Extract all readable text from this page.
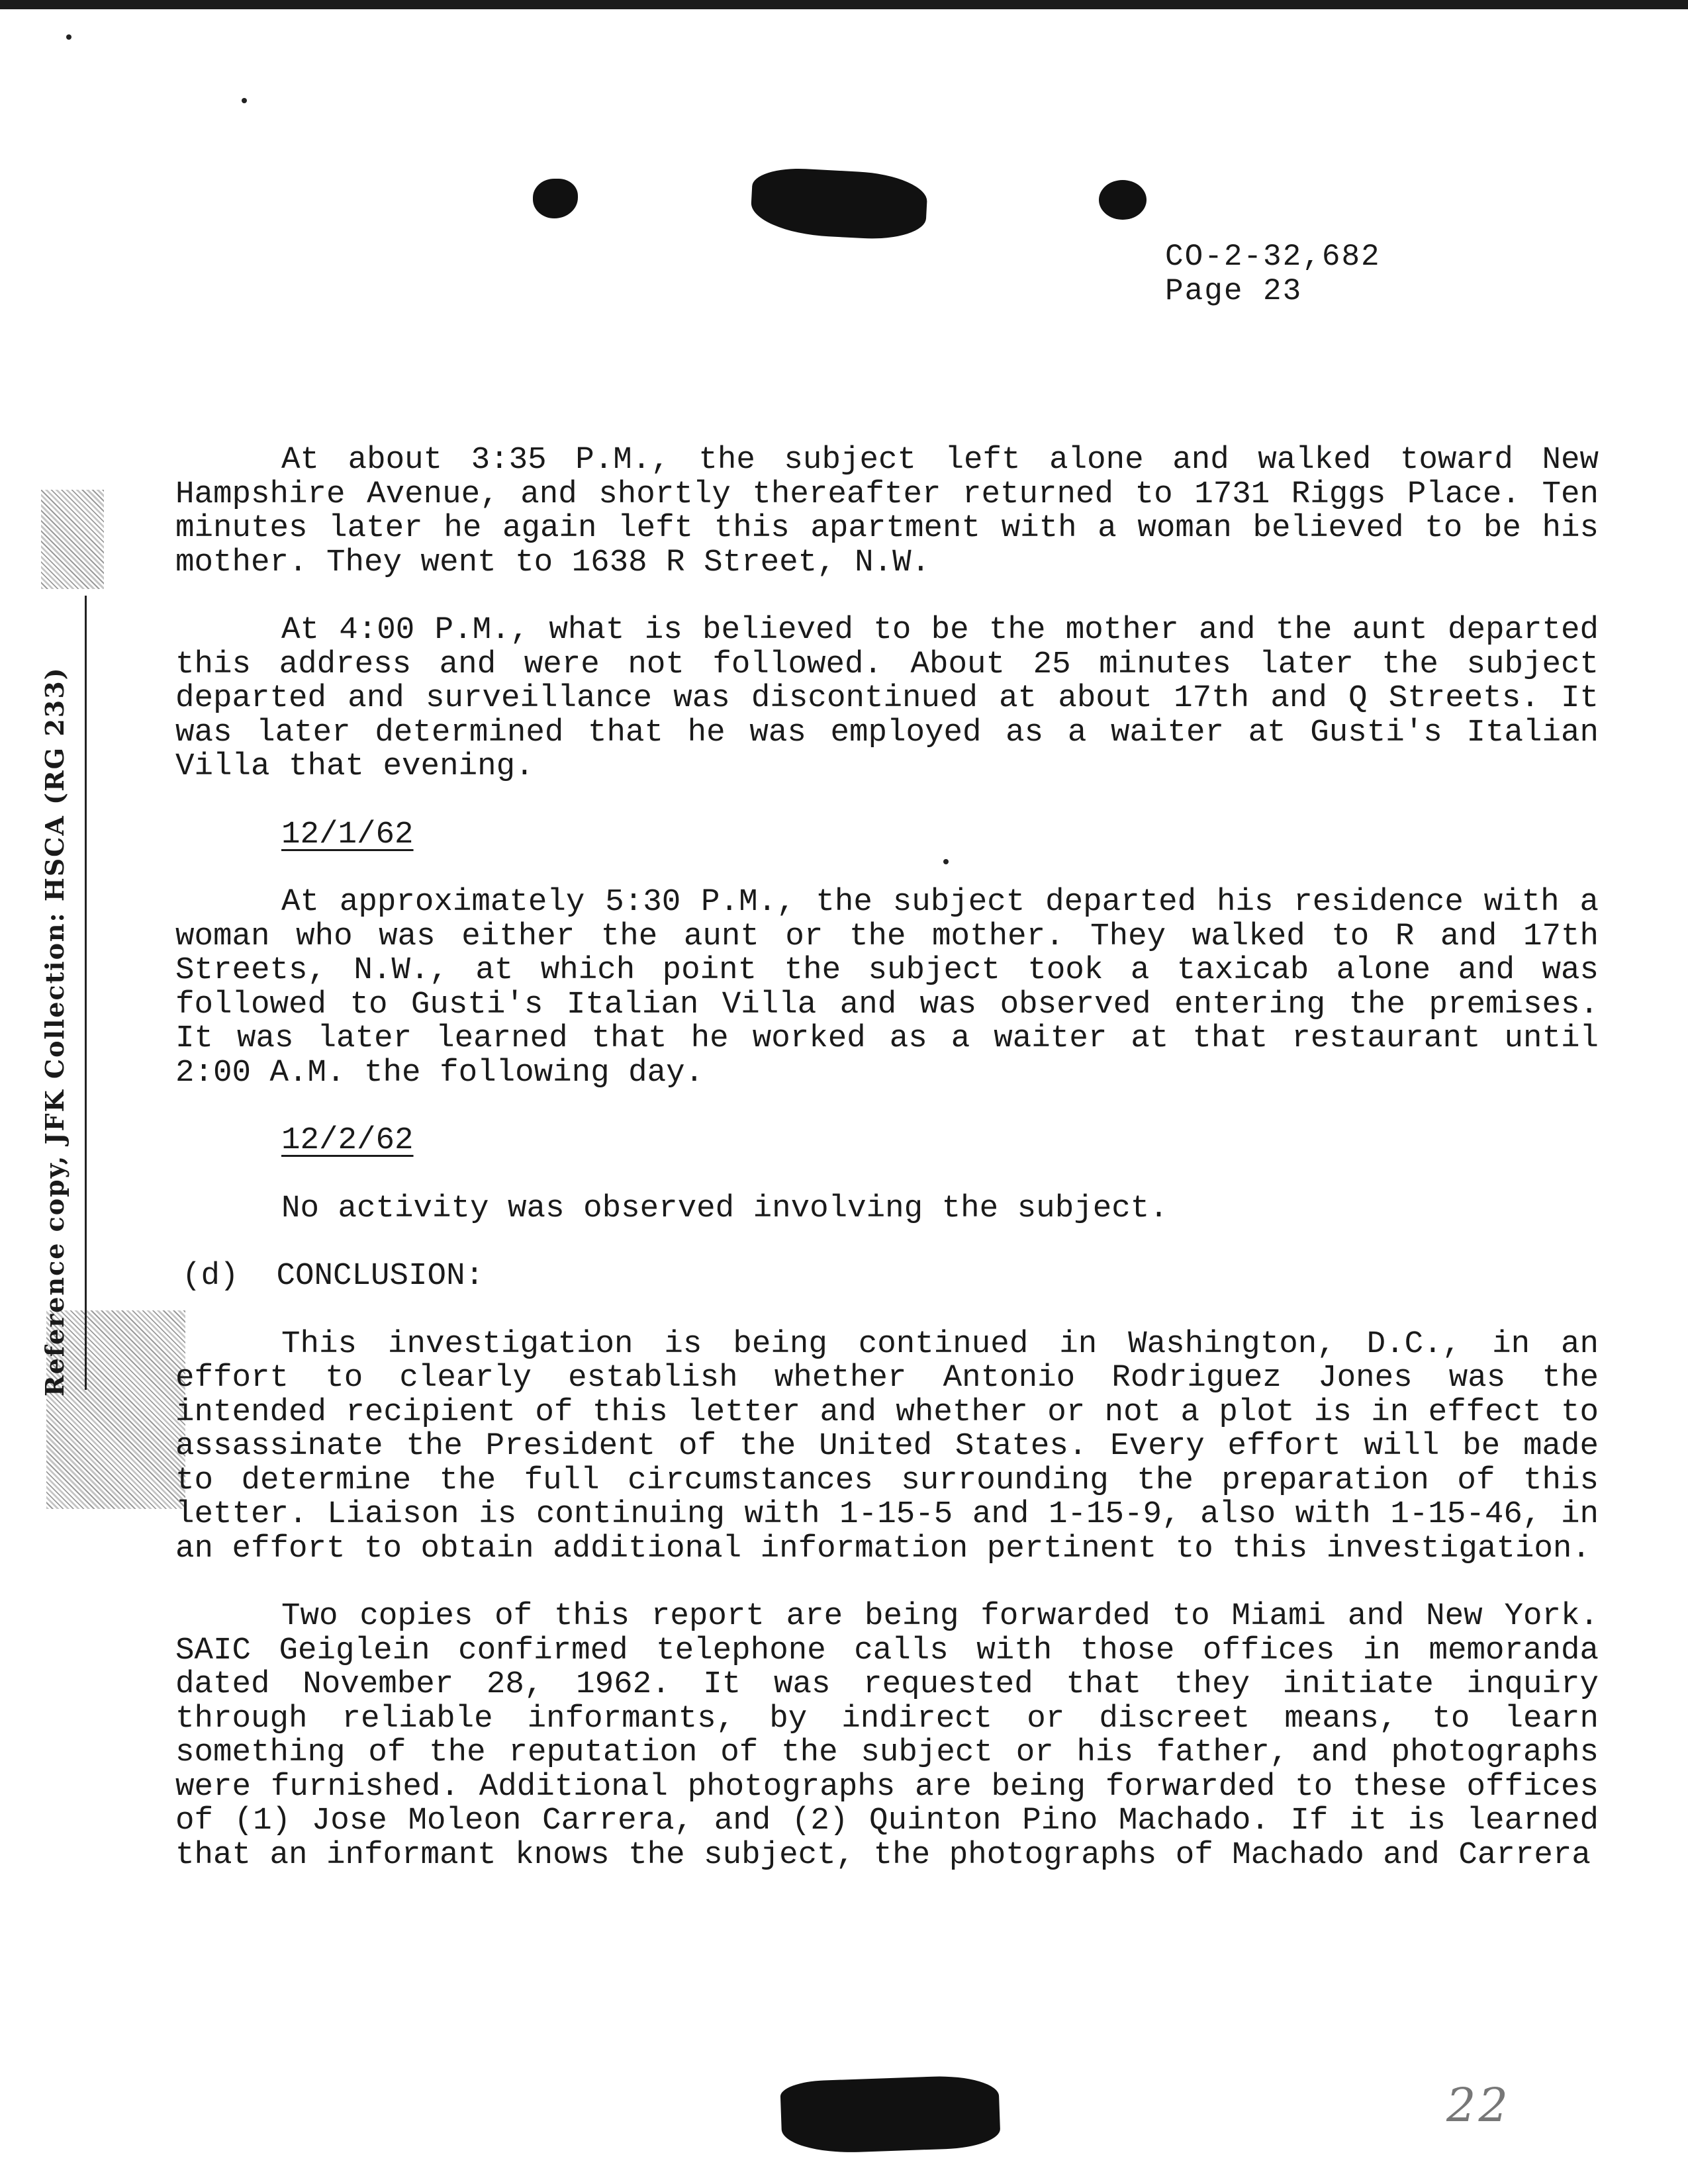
CO-2-32,682
Page 23
Reference copy, JFK Collection: HSCA (RG 233)

At about 3:35 P.M., the subject left alone and walked toward New Hampshire Avenue, and shortly thereafter returned to 1731 Riggs Place. Ten minutes later he again left this apartment with a woman believed to be his mother. They went to 1638 R Street, N.W.

At 4:00 P.M., what is believed to be the mother and the aunt departed this address and were not followed. About 25 minutes later the subject departed and surveillance was discontinued at about 17th and Q Streets. It was later determined that he was employed as a waiter at Gusti's Italian Villa that evening.

12/1/62

At approximately 5:30 P.M., the subject departed his residence with a woman who was either the aunt or the mother. They walked to R and 17th Streets, N.W., at which point the subject took a taxicab alone and was followed to Gusti's Italian Villa and was observed entering the premises. It was later learned that he worked as a waiter at that restaurant until 2:00 A.M. the following day.

12/2/62

No activity was observed involving the subject.

(d)  CONCLUSION:

This investigation is being continued in Washington, D.C., in an effort to clearly establish whether Antonio Rodriguez Jones was the intended recipient of this letter and whether or not a plot is in effect to assassinate the President of the United States. Every effort will be made to determine the full circumstances surrounding the preparation of this letter. Liaison is continuing with 1-15-5 and 1-15-9, also with 1-15-46, in an effort to obtain additional information pertinent to this investigation.

Two copies of this report are being forwarded to Miami and New York. SAIC Geiglein confirmed telephone calls with those offices in memoranda dated November 28, 1962. It was requested that they initiate inquiry through reliable informants, by indirect or discreet means, to learn something of the reputation of the subject or his father, and photographs were furnished. Additional photographs are being forwarded to these offices of (1) Jose Moleon Carrera, and (2) Quinton Pino Machado. If it is learned that an informant knows the subject, the photographs of Machado and Carrera

22
